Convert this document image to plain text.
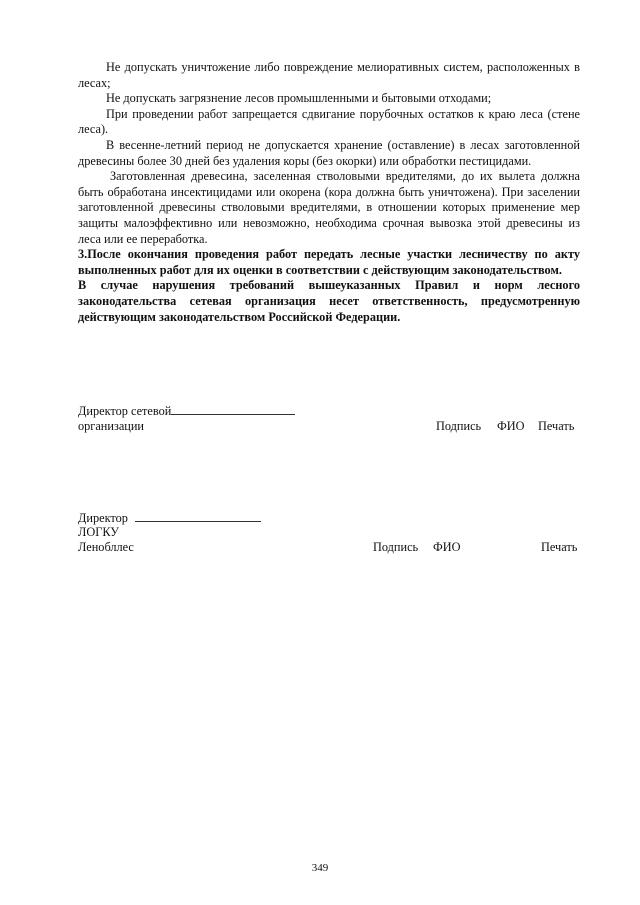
Не допускать уничтожение либо повреждение мелиоративных систем, расположенных в лесах;

Не допускать загрязнение лесов промышленными и бытовыми отходами;

При проведении работ запрещается сдвигание порубочных остатков к краю леса (стене леса).

В весенне-летний период не допускается хранение (оставление) в лесах заготовленной древесины более 30 дней без удаления коры (без окорки) или обработки пестицидами.

Заготовленная древесина, заселенная стволовыми вредителями, до их вылета должна быть обработана инсектицидами или окорена (кора должна быть уничтожена). При заселении заготовленной древесины стволовыми вредителями, в отношении которых применение мер защиты малоэффективно или невозможно, необходима срочная вывозка этой древесины из леса или ее переработка.

3.После окончания проведения работ передать лесные участки лесничеству по акту выполненных работ для их оценки в соответствии с действующим законодательством.

В случае нарушения требований вышеуказанных Правил и норм лесного законодательства сетевая организация несет ответственность, предусмотренную действующим законодательством Российской Федерации.

Директор сетевой
организации	Подпись ФИО Печать
Директор
ЛОГКУ
Ленобллес	Подпись ФИО	Печать
349
